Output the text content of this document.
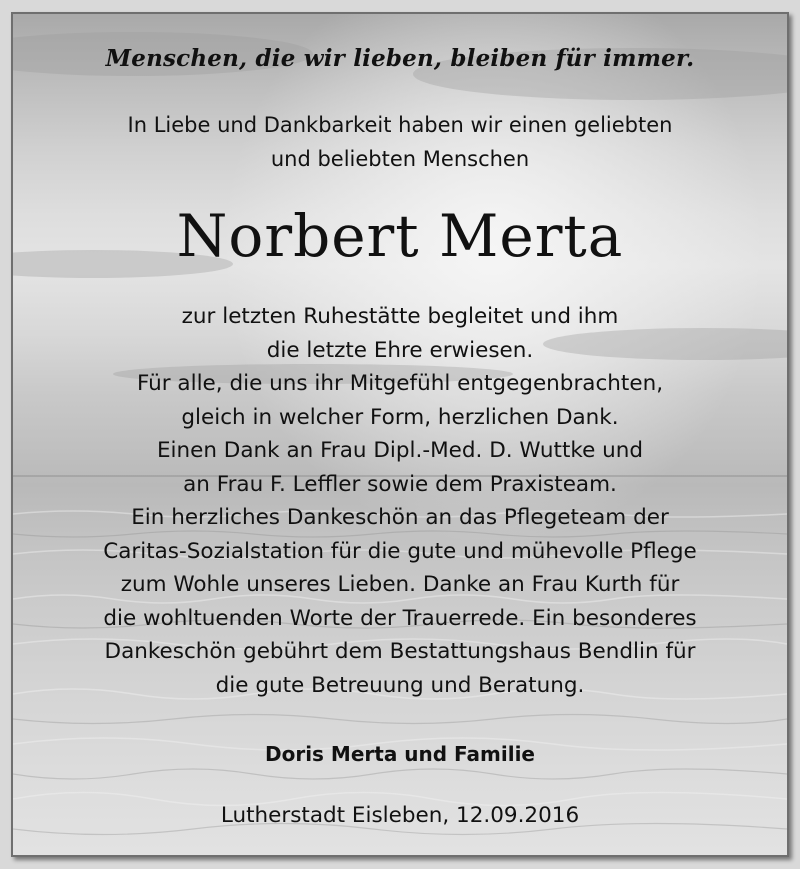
Menschen, die wir lieben, bleiben für immer.
In Liebe und Dankbarkeit haben wir einen geliebten
und beliebten Menschen
Norbert Merta
zur letzten Ruhestätte begleitet und ihm
die letzte Ehre erwiesen.
Für alle, die uns ihr Mitgefühl entgegenbrachten,
gleich in welcher Form, herzlichen Dank.
Einen Dank an Frau Dipl.-Med. D. Wuttke und
an Frau F. Leffler sowie dem Praxisteam.
Ein herzliches Dankeschön an das Pflegeteam der
Caritas-Sozialstation für die gute und mühevolle Pflege
zum Wohle unseres Lieben. Danke an Frau Kurth für
die wohltuenden Worte der Trauerrede. Ein besonderes
Dankeschön gebührt dem Bestattungshaus Bendlin für
die gute Betreuung und Beratung.
Doris Merta und Familie
Lutherstadt Eisleben, 12.09.2016
